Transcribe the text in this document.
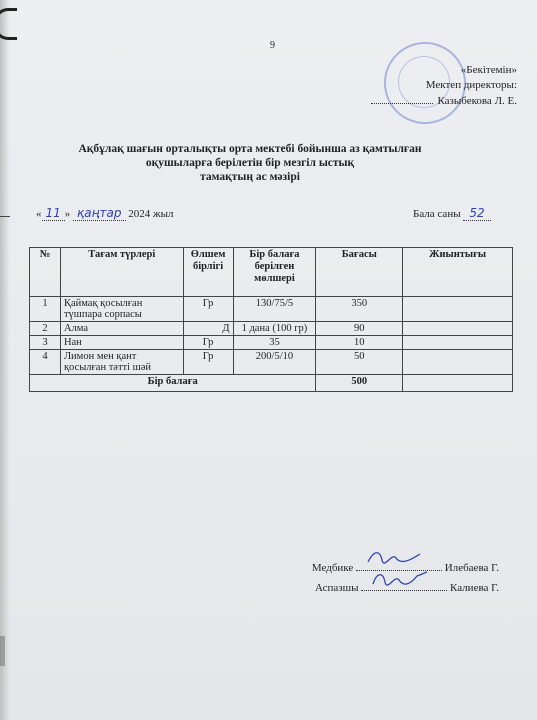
9
«Бекітемін»
Мектеп директоры:
Казыбекова Л. Е.
Ақбұлақ шағын орталықты орта мектебі бойынша аз қамтылған
оқушыларға берілетін бір мезгіл ыстық
тамақтың ас мәзірі
« 11 » қаңтар 2024 жыл	Бала саны 52
№	Тағам түрлері	Өлшем бірлігі	Бір балаға берілген мөлшері	Бағасы	Жиынтығы
1	Қаймақ қосылған түшпара сорпасы	Гр	130/75/5	350	
2	Алма	Д	1 дана (100 гр)	90	
3	Нан	Гр	35	10	
4	Лимон мен қант қосылған тәтті шәй	Гр	200/5/10	50	
Бір балаға				500	
Медбике	Илебаева Г.
Аспазшы	Калиева Г.
